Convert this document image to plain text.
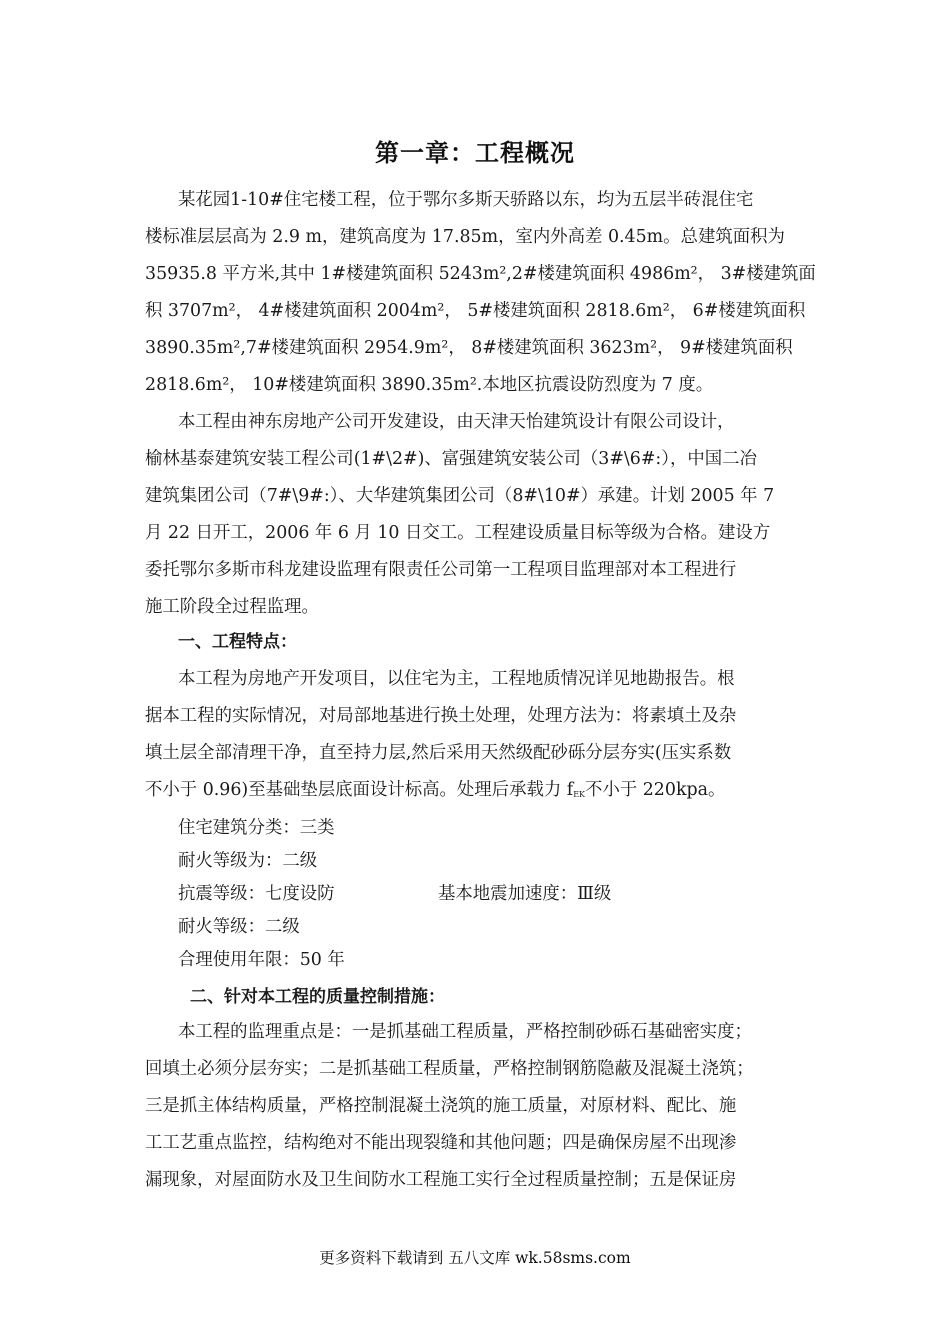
第一章：工程概况
某花园1-10#住宅楼工程，位于鄂尔多斯天骄路以东，均为五层半砖混住宅
楼标准层层高为 2.9 m，建筑高度为 17.85m，室内外高差 0.45m。总建筑面积为
35935.8 平方米,其中 1#楼建筑面积 5243m²,2#楼建筑面积 4986m²， 3#楼建筑面
积 3707m²， 4#楼建筑面积 2004m²， 5#楼建筑面积 2818.6m²， 6#楼建筑面积
3890.35m²,7#楼建筑面积 2954.9m²， 8#楼建筑面积 3623m²， 9#楼建筑面积
2818.6m²， 10#楼建筑面积 3890.35m².本地区抗震设防烈度为 7 度。
本工程由神东房地产公司开发建设，由天津天怡建筑设计有限公司设计，
榆林基泰建筑安装工程公司(1#\2#)、富强建筑安装公司（3#\6#:），中国二冶
建筑集团公司（7#\9#:）、大华建筑集团公司（8#\10#）承建。计划 2005 年 7
月 22 日开工，2006 年 6 月 10 日交工。工程建设质量目标等级为合格。建设方
委托鄂尔多斯市科龙建设监理有限责任公司第一工程项目监理部对本工程进行
施工阶段全过程监理。
一、工程特点：
本工程为房地产开发项目，以住宅为主，工程地质情况详见地勘报告。根
据本工程的实际情况，对局部地基进行换土处理，处理方法为：将素填土及杂
填土层全部清理干净，直至持力层,然后采用天然级配砂砾分层夯实(压实系数
不小于 0.96)至基础垫层底面设计标高。处理后承载力 $f_{EK}$不小于 220kpa。
住宅建筑分类：三类
耐火等级为：二级
抗震等级：七度设防	基本地震加速度：Ⅲ级
耐火等级：二级
合理使用年限：50 年
二、针对本工程的质量控制措施：
本工程的监理重点是：一是抓基础工程质量，严格控制砂砾石基础密实度；
回填土必须分层夯实；二是抓基础工程质量，严格控制钢筋隐蔽及混凝土浇筑；
三是抓主体结构质量，严格控制混凝土浇筑的施工质量，对原材料、配比、施
工工艺重点监控，结构绝对不能出现裂缝和其他问题；四是确保房屋不出现渗
漏现象，对屋面防水及卫生间防水工程施工实行全过程质量控制；五是保证房
更多资料下载请到 五八文库 wk.58sms.com
